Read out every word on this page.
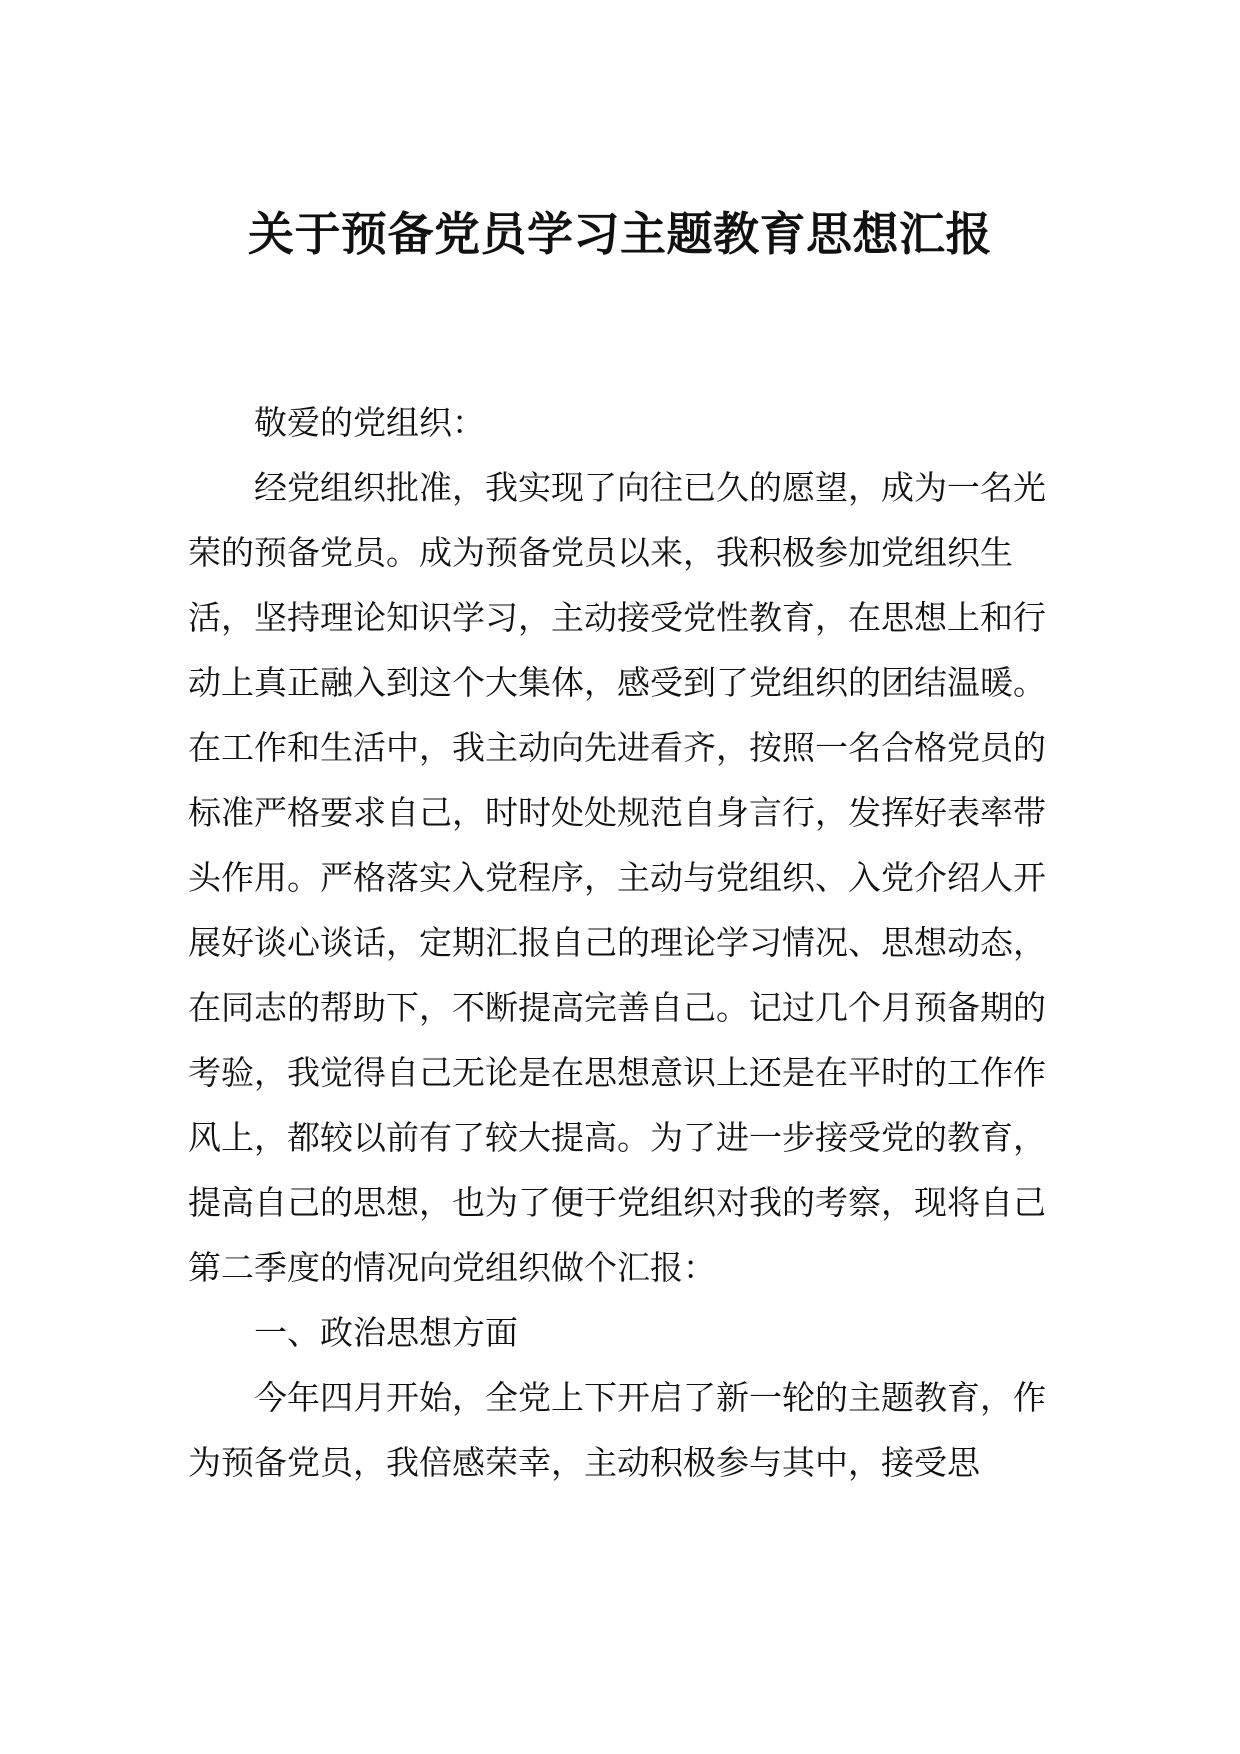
关于预备党员学习主题教育思想汇报

敬爱的党组织：

经党组织批准，我实现了向往已久的愿望，成为一名光荣的预备党员。成为预备党员以来，我积极参加党组织生活，坚持理论知识学习，主动接受党性教育，在思想上和行动上真正融入到这个大集体，感受到了党组织的团结温暖。在工作和生活中，我主动向先进看齐，按照一名合格党员的标准严格要求自己，时时处处规范自身言行，发挥好表率带头作用。严格落实入党程序，主动与党组织、入党介绍人开展好谈心谈话，定期汇报自己的理论学习情况、思想动态，在同志的帮助下，不断提高完善自己。记过几个月预备期的考验，我觉得自己无论是在思想意识上还是在平时的工作作风上，都较以前有了较大提高。为了进一步接受党的教育，提高自己的思想，也为了便于党组织对我的考察，现将自己第二季度的情况向党组织做个汇报：

一、政治思想方面

今年四月开始，全党上下开启了新一轮的主题教育，作为预备党员，我倍感荣幸，主动积极参与其中，接受思
